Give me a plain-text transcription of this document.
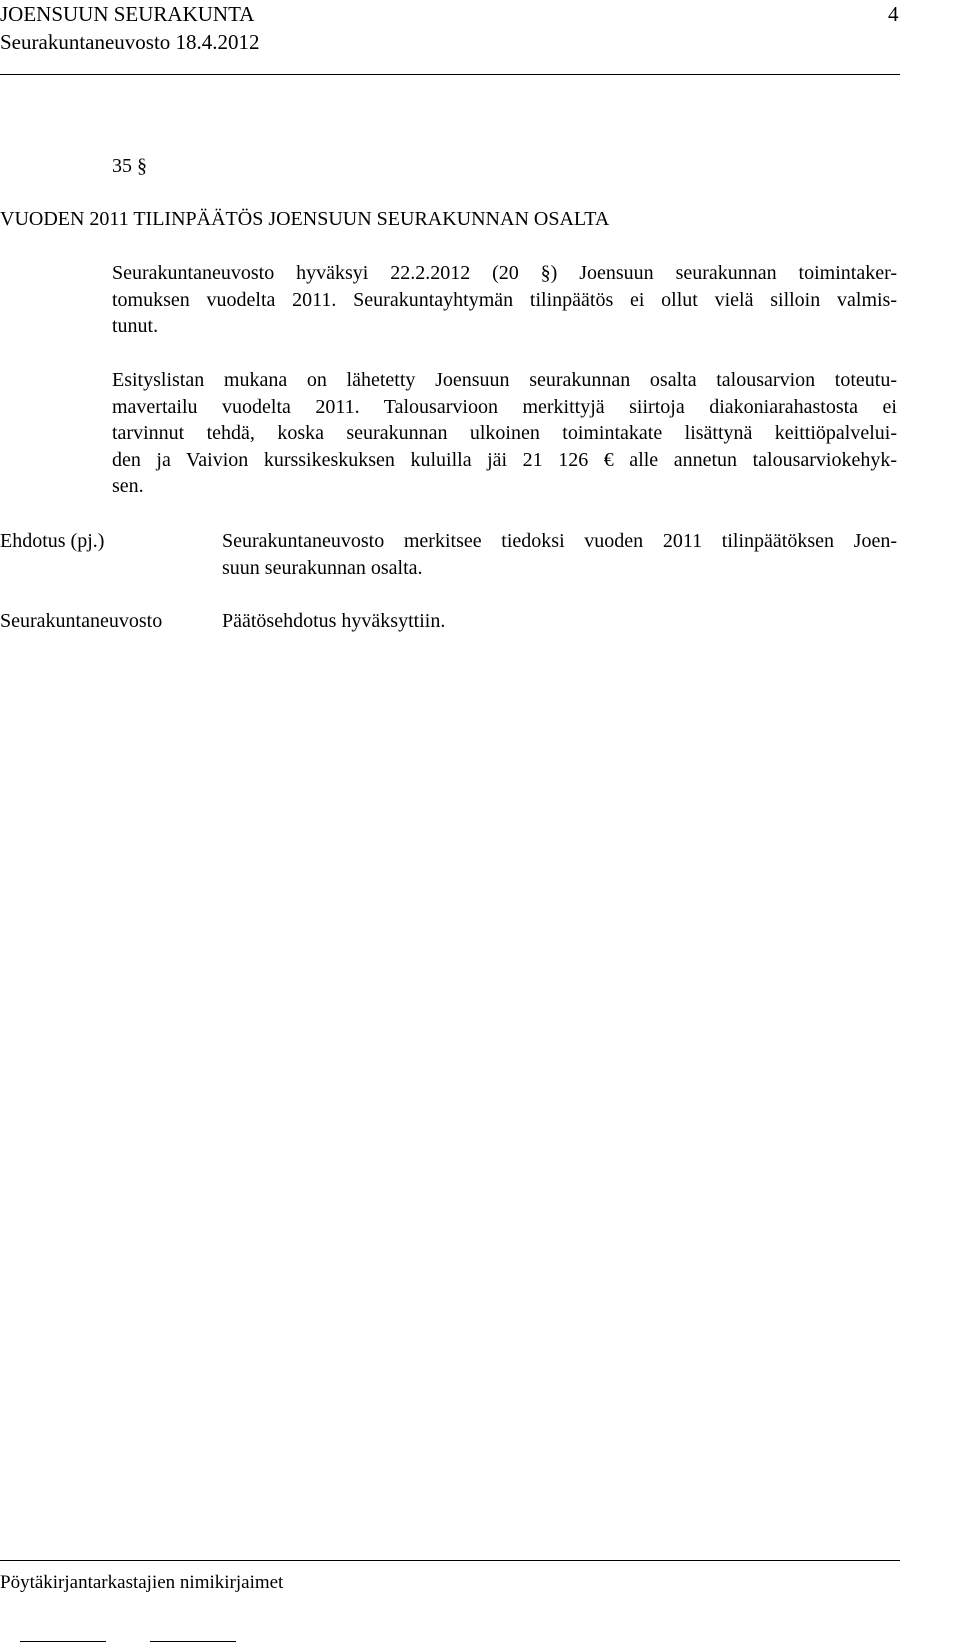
JOENSUUN SEURAKUNTA	4
Seurakuntaneuvosto 18.4.2012
35 §
VUODEN 2011 TILINPÄÄTÖS JOENSUUN SEURAKUNNAN OSALTA
Seurakuntaneuvosto hyväksyi 22.2.2012 (20 §) Joensuun seurakunnan toimintaker-
tomuksen vuodelta 2011. Seurakuntayhtymän tilinpäätös ei ollut vielä silloin valmis-
tunut.
Esityslistan mukana on lähetetty Joensuun seurakunnan osalta talousarvion toteutu-
mavertailu vuodelta 2011. Talousarvioon merkittyjä siirtoja diakoniarahastosta ei
tarvinnut tehdä, koska seurakunnan ulkoinen toimintakate lisättynä keittiöpalvelui-
den ja Vaivion kurssikeskuksen kuluilla jäi 21 126 € alle annetun talousarviokehyk-
sen.
Ehdotus (pj.)	Seurakuntaneuvosto merkitsee tiedoksi vuoden 2011 tilinpäätöksen Joen-
suun seurakunnan osalta.
Seurakuntaneuvosto	Päätösehdotus hyväksyttiin.
Pöytäkirjantarkastajien nimikirjaimet
